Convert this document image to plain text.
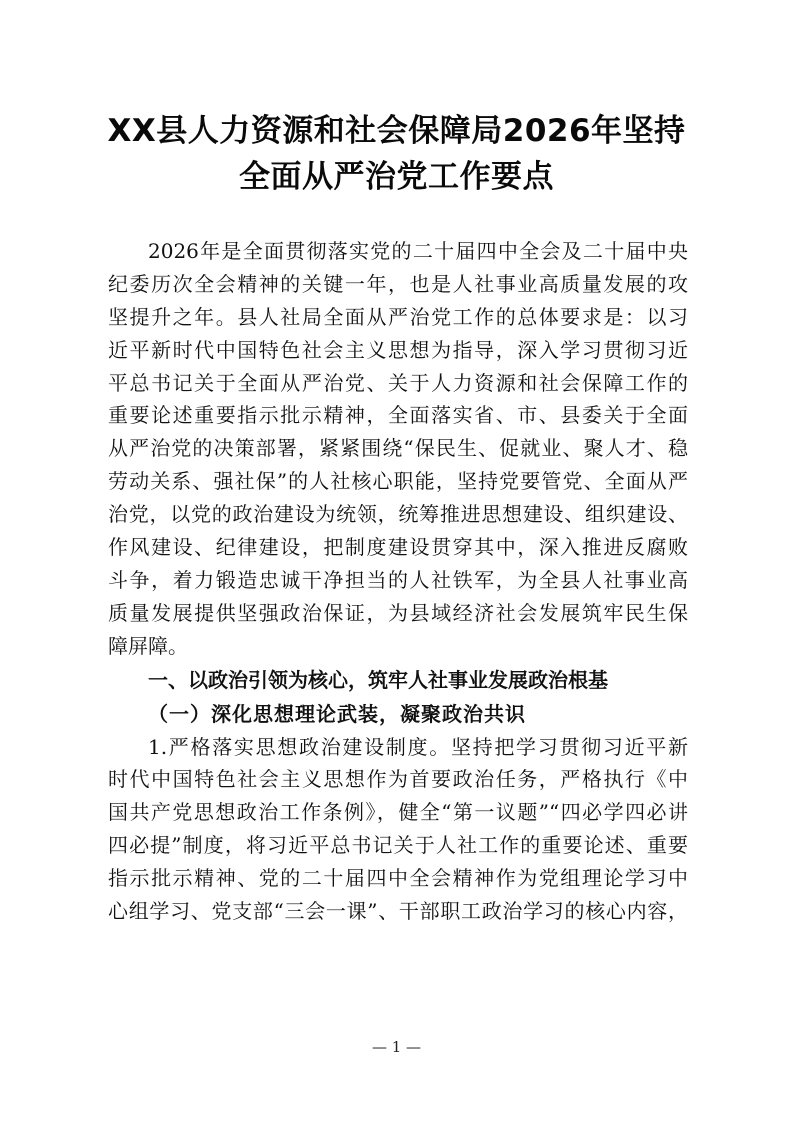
XX县人力资源和社会保障局2026年坚持
全面从严治党工作要点
2026年是全面贯彻落实党的二十届四中全会及二十届中央
纪委历次全会精神的关键一年，也是人社事业高质量发展的攻
坚提升之年。县人社局全面从严治党工作的总体要求是：以习
近平新时代中国特色社会主义思想为指导，深入学习贯彻习近
平总书记关于全面从严治党、关于人力资源和社会保障工作的
重要论述重要指示批示精神，全面落实省、市、县委关于全面
从严治党的决策部署，紧紧围绕“保民生、促就业、聚人才、稳
劳动关系、强社保”的人社核心职能，坚持党要管党、全面从严
治党，以党的政治建设为统领，统筹推进思想建设、组织建设、
作风建设、纪律建设，把制度建设贯穿其中，深入推进反腐败
斗争，着力锻造忠诚干净担当的人社铁军，为全县人社事业高
质量发展提供坚强政治保证，为县域经济社会发展筑牢民生保
障屏障。
一、以政治引领为核心，筑牢人社事业发展政治根基
（一）深化思想理论武装，凝聚政治共识
1.严格落实思想政治建设制度。坚持把学习贯彻习近平新
时代中国特色社会主义思想作为首要政治任务，严格执行《中
国共产党思想政治工作条例》，健全“第一议题”“四必学四必讲
四必提”制度，将习近平总书记关于人社工作的重要论述、重要
指示批示精神、党的二十届四中全会精神作为党组理论学习中
心组学习、党支部“三会一课”、干部职工政治学习的核心内容，
— 1 —
